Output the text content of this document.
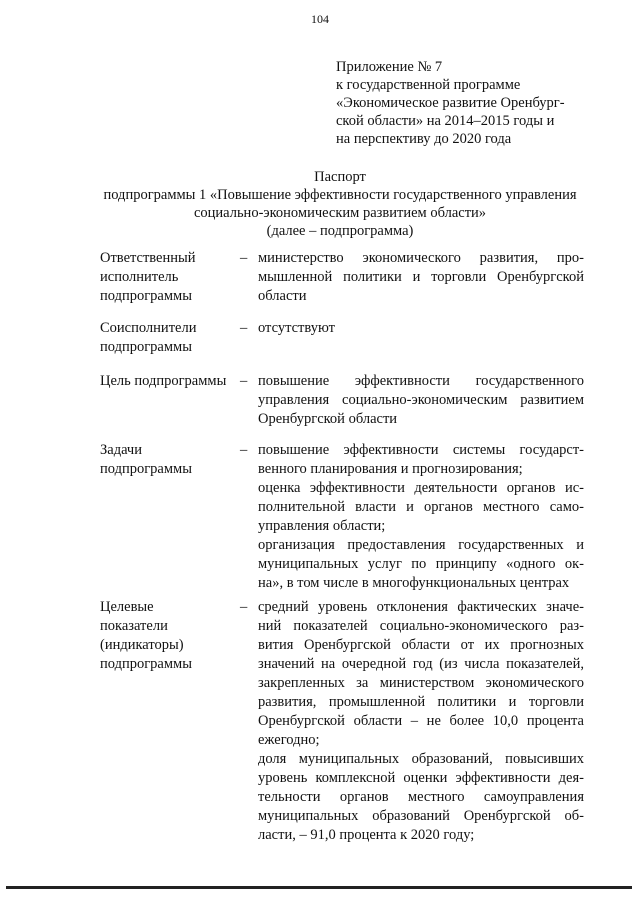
104
Приложение № 7
к государственной программе
«Экономическое развитие Оренбург-
ской области» на 2014–2015 годы и
на перспективу до 2020 года
Паспорт
подпрограммы 1 «Повышение эффективности государственного управления
социально-экономическим развитием области»
(далее – подпрограмма)
Ответственный
исполнитель
подпрограммы
– министерство экономического развития, про-
мышленной политики и торговли Оренбургской
области
Соисполнители
подпрограммы
– отсутствуют
Цель подпрограммы – повышение эффективности государственного
управления социально-экономическим развитием
Оренбургской области
Задачи
подпрограммы
– повышение эффективности системы государст-
венного планирования и прогнозирования;
оценка эффективности деятельности органов ис-
полнительной власти и органов местного само-
управления области;
организация предоставления государственных и
муниципальных услуг по принципу «одного ок-
на», в том числе в многофункциональных центрах
Целевые
показатели
(индикаторы)
подпрограммы
– средний уровень отклонения фактических значе-
ний показателей социально-экономического раз-
вития Оренбургской области от их прогнозных
значений на очередной год (из числа показателей,
закрепленных за министерством экономического
развития, промышленной политики и торговли
Оренбургской области – не более 10,0 процента
ежегодно;
доля муниципальных образований, повысивших
уровень комплексной оценки эффективности дея-
тельности органов местного самоуправления
муниципальных образований Оренбургской об-
ласти, – 91,0 процента к 2020 году;
